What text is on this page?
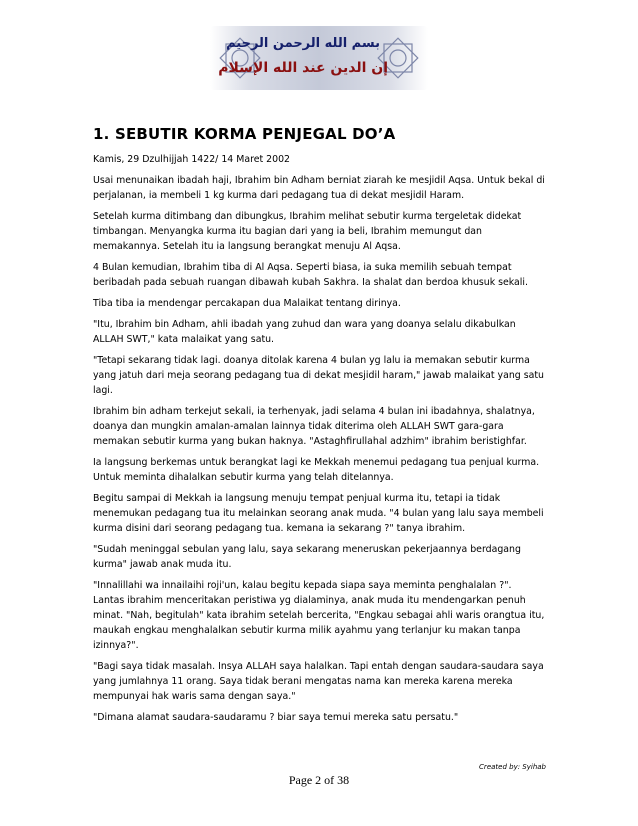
بسم الله الرحمن الرحيم
إن الدين عند الله الإسلام
1. SEBUTIR KORMA PENJEGAL DO’A

Kamis, 29 Dzulhijjah 1422/ 14 Maret 2002

Usai menunaikan ibadah haji, Ibrahim bin Adham berniat ziarah ke mesjidil Aqsa. Untuk bekal di perjalanan, ia membeli 1 kg kurma dari pedagang tua di dekat mesjidil Haram.

Setelah kurma ditimbang dan dibungkus, Ibrahim melihat sebutir kurma tergeletak didekat timbangan. Menyangka kurma itu bagian dari yang ia beli, Ibrahim memungut dan memakannya. Setelah itu ia langsung berangkat menuju Al Aqsa.

4 Bulan kemudian, Ibrahim tiba di Al Aqsa. Seperti biasa, ia suka memilih sebuah tempat beribadah pada sebuah ruangan dibawah kubah Sakhra. Ia shalat dan berdoa khusuk sekali.

Tiba tiba ia mendengar percakapan dua Malaikat tentang dirinya.

"Itu, Ibrahim bin Adham, ahli ibadah yang zuhud dan wara yang doanya selalu dikabulkan ALLAH SWT," kata malaikat yang satu.

"Tetapi sekarang tidak lagi. doanya ditolak karena 4 bulan yg lalu ia memakan sebutir kurma yang jatuh dari meja seorang pedagang tua di dekat mesjidil haram," jawab malaikat yang satu lagi.

Ibrahim bin adham terkejut sekali, ia terhenyak, jadi selama 4 bulan ini ibadahnya, shalatnya, doanya dan mungkin amalan-amalan lainnya tidak diterima oleh ALLAH SWT gara-gara memakan sebutir kurma yang bukan haknya. "Astaghfirullahal adzhim" ibrahim beristighfar.

Ia langsung berkemas untuk berangkat lagi ke Mekkah menemui pedagang tua penjual kurma. Untuk meminta dihalalkan sebutir kurma yang telah ditelannya.

Begitu sampai di Mekkah ia langsung menuju tempat penjual kurma itu, tetapi ia tidak menemukan pedagang tua itu melainkan seorang anak muda. "4 bulan yang lalu saya membeli kurma disini dari seorang pedagang tua. kemana ia sekarang ?" tanya ibrahim.

"Sudah meninggal sebulan yang lalu, saya sekarang meneruskan pekerjaannya berdagang kurma" jawab anak muda itu.

"Innalillahi wa innailaihi roji'un, kalau begitu kepada siapa saya meminta penghalalan ?". Lantas ibrahim menceritakan peristiwa yg dialaminya, anak muda itu mendengarkan penuh minat. "Nah, begitulah" kata ibrahim setelah bercerita, "Engkau sebagai ahli waris orangtua itu, maukah engkau menghalalkan sebutir kurma milik ayahmu yang terlanjur ku makan tanpa izinnya?".

"Bagi saya tidak masalah. Insya ALLAH saya halalkan. Tapi entah dengan saudara-saudara saya yang jumlahnya 11 orang. Saya tidak berani mengatas nama kan mereka karena mereka mempunyai hak waris sama dengan saya."

"Dimana alamat saudara-saudaramu ? biar saya temui mereka satu persatu."

Created by: Syihab
Page 2 of 38
